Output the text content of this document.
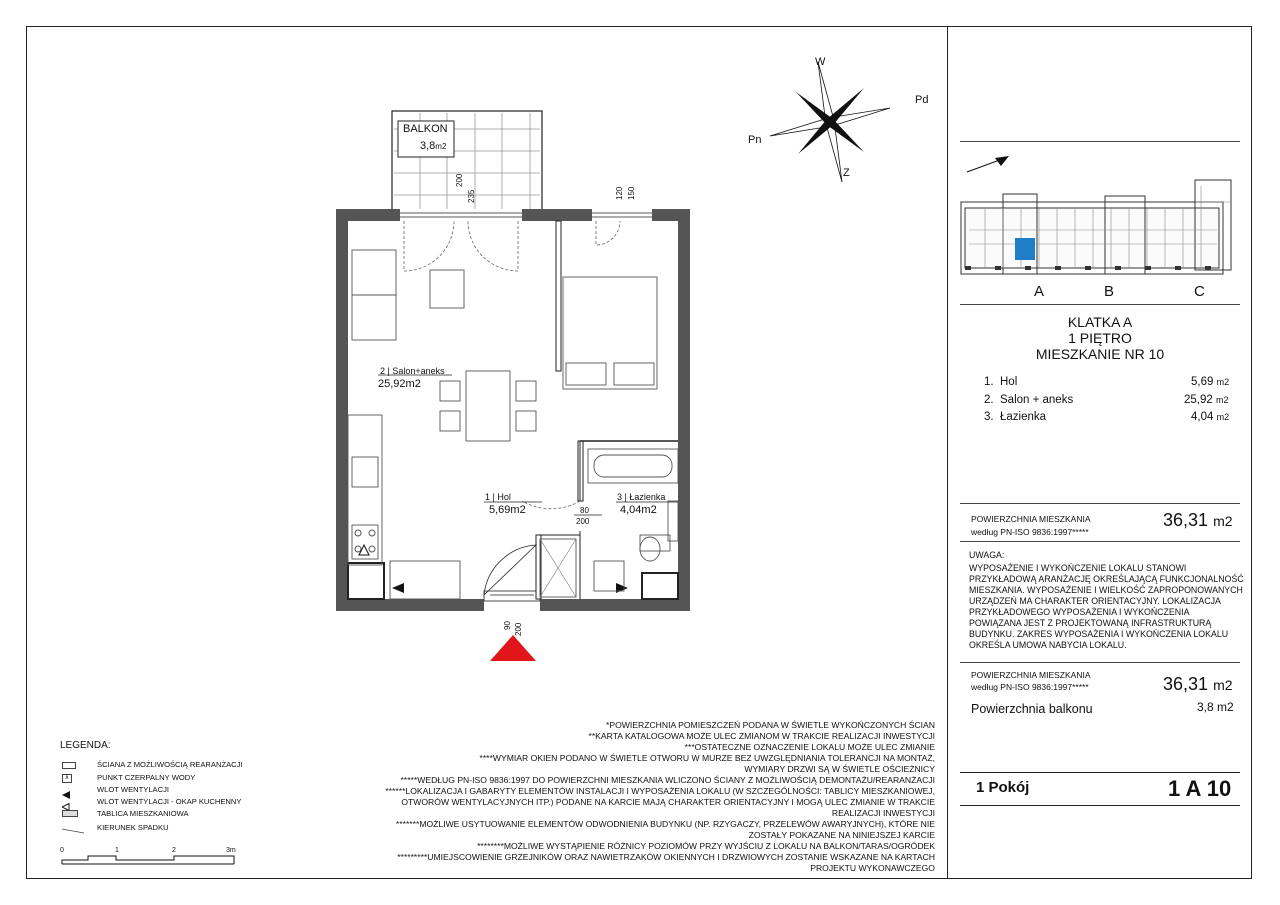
W
Pd
Pn
Z
BALKON
3,8m2
200
235	120 150
2 | Salon+aneks
25,92m2
1 | Hol
5,69m2
3 | Łazienka
4,04m2
80
200
90 200
LEGENDA:
ŚCIANA Z MOŻLIWOŚCIĄ REARANŻACJI
⊼	PUNKT CZERPALNY WODY
WLOT WENTYLACJI
WLOT WENTYLACJI - OKAP KUCHENNY
TABLICA MIESZKANIOWA
KIERUNEK SPADKU
0	1	2	3m
*POWIERZCHNIA POMIESZCZEŃ PODANA W ŚWIETLE WYKOŃCZONYCH ŚCIAN
**KARTA KATALOGOWA MOŻE ULEC ZMIANOM W TRAKCIE REALIZACJI INWESTYCJI
***OSTATECZNE OZNACZENIE LOKALU MOŻE ULEC ZMIANIE
****WYMIAR OKIEN PODANO W ŚWIETLE OTWORU W MURZE BEZ UWZGLĘDNIANIA TOLERANCJI NA MONTAŻ,
WYMIARY DRZWI SĄ W ŚWIETLE OŚCIEŻNICY
*****WEDŁUG PN-ISO 9836:1997 DO POWIERZCHNI MIESZKANIA WLICZONO ŚCIANY Z MOŻLIWOŚCIĄ DEMONTAŻU/REARANŻACJI
******LOKALIZACJA I GABARYTY ELEMENTÓW INSTALACJI I WYPOSAŻENIA LOKALU (W SZCZEGÓLNOŚCI: TABLICY MIESZKANIOWEJ,
OTWORÓW WENTYLACYJNYCH ITP.) PODANE NA KARCIE MAJĄ CHARAKTER ORIENTACYJNY I MOGĄ ULEC ZMIANIE W TRAKCIE
REALIZACJI INWESTYCJI
*******MOŻLIWE USYTUOWANIE ELEMENTÓW ODWODNIENIA BUDYNKU (NP. RZYGACZY, PRZELEWÓW AWARYJNYCH), KTÓRE NIE
ZOSTAŁY POKAZANE NA NINIEJSZEJ KARCIE
********MOŻLIWE WYSTĄPIENIE RÓŻNICY POZIOMÓW PRZY WYJŚCIU Z LOKALU NA BALKON/TARAS/OGRÓDEK
*********UMIEJSCOWIENIE GRZEJNIKÓW ORAZ NAWIETRZAKÓW OKIENNYCH I DRZWIOWYCH ZOSTANIE WSKAZANE NA KARTACH
PROJEKTU WYKONAWCZEGO
A	B	C
KLATKA A
1 PIĘTRO
MIESZKANIE NR 10
1. Hol	5,69 m2
2. Salon + aneks	25,92 m2
3. Łazienka	4,04 m2
POWIERZCHNIA MIESZKANIA
według PN-ISO 9836:1997*****
36,31 m2
UWAGA:
WYPOSAŻENIE I WYKOŃCZENIE LOKALU STANOWI
PRZYKŁADOWĄ ARANŻACJĘ OKREŚLAJĄCĄ FUNKCJONALNOŚĆ
MIESZKANIA. WYPOSAŻENIE I WIELKOŚĆ ZAPROPONOWANYCH
URZĄDZEŃ MA CHARAKTER ORIENTACYJNY. LOKALIZACJA
PRZYKŁADOWEGO WYPOSAŻENIA I WYKOŃCZENIA
POWIĄZANA JEST Z PROJEKTOWANĄ INFRASTRUKTURĄ
BUDYNKU. ZAKRES WYPOSAŻENIA I WYKOŃCZENIA LOKALU
OKREŚLA UMOWA NABYCIA LOKALU.
POWIERZCHNIA MIESZKANIA
według PN-ISO 9836:1997*****	36,31 m2
Powierzchnia balkonu	3,8 m2
1 Pokój	1 A 10
